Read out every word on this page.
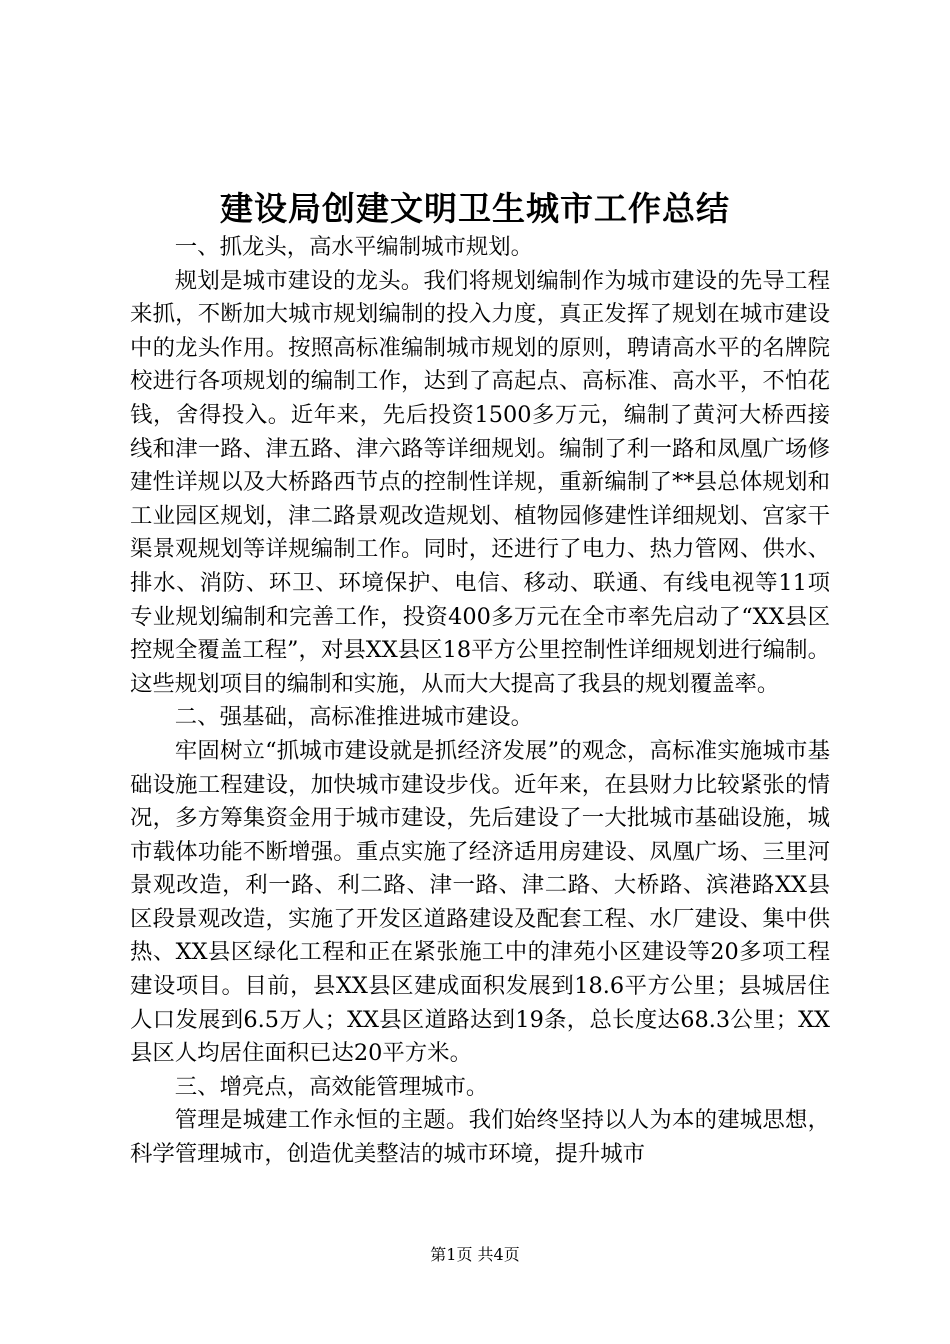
建设局创建文明卫生城市工作总结

一、抓龙头，高水平编制城市规划。

规划是城市建设的龙头。我们将规划编制作为城市建设的先导工程来抓，不断加大城市规划编制的投入力度，真正发挥了规划在城市建设中的龙头作用。按照高标准编制城市规划的原则，聘请高水平的名牌院校进行各项规划的编制工作，达到了高起点、高标准、高水平，不怕花钱，舍得投入。近年来，先后投资1500多万元，编制了黄河大桥西接线和津一路、津五路、津六路等详细规划。编制了利一路和凤凰广场修建性详规以及大桥路西节点的控制性详规，重新编制了**县总体规划和工业园区规划，津二路景观改造规划、植物园修建性详细规划、宫家干渠景观规划等详规编制工作。同时，还进行了电力、热力管网、供水、排水、消防、环卫、环境保护、电信、移动、联通、有线电视等11项专业规划编制和完善工作，投资400多万元在全市率先启动了“XX县区控规全覆盖工程”，对县XX县区18平方公里控制性详细规划进行编制。这些规划项目的编制和实施，从而大大提高了我县的规划覆盖率。

二、强基础，高标准推进城市建设。

牢固树立“抓城市建设就是抓经济发展”的观念，高标准实施城市基础设施工程建设，加快城市建设步伐。近年来，在县财力比较紧张的情况，多方筹集资金用于城市建设，先后建设了一大批城市基础设施，城市载体功能不断增强。重点实施了经济适用房建设、凤凰广场、三里河景观改造，利一路、利二路、津一路、津二路、大桥路、滨港路XX县区段景观改造，实施了开发区道路建设及配套工程、水厂建设、集中供热、XX县区绿化工程和正在紧张施工中的津苑小区建设等20多项工程建设项目。目前，县XX县区建成面积发展到18.6平方公里；县城居住人口发展到6.5万人；XX县区道路达到19条，总长度达68.3公里；XX县区人均居住面积已达20平方米。

三、增亮点，高效能管理城市。

管理是城建工作永恒的主题。我们始终坚持以人为本的建城思想，科学管理城市，创造优美整洁的城市环境，提升城市

第1页 共4页
